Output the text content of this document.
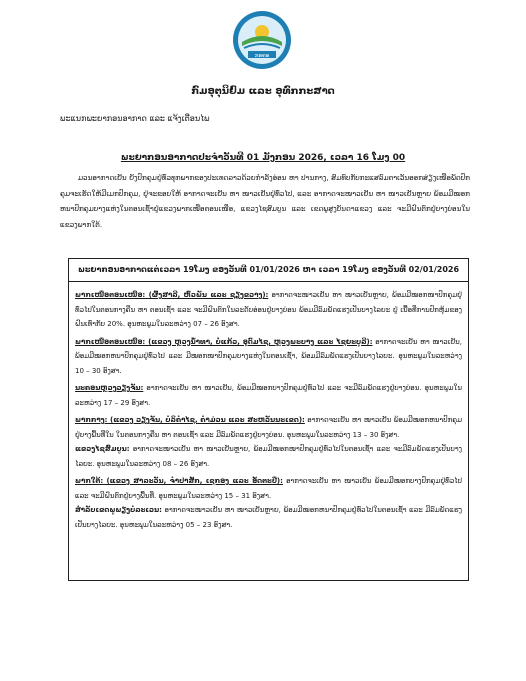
ກອຄອ
ກົມອຸຕຸນິຍົມ ແລະ ອຸທົກກະສາດ
ພະແນກພະຍາກອນອາກາດ ແລະ ແຈ້ງເຕືອນໄພ
ພະຍາກອນອາກາດປະຈຳວັນທີ 01 ມັງກອນ 2026, ເວລາ 16 ໂມງ 00
ມວນອາກາດເຢັນ ຍັງປົກຄຸມຢູ່ທົ່ວທຸກພາກຂອງປະເທດລາວດ້ວຍກຳລັງອ່ອນ ຫາ ປານກາງ, ສົມທົບກັບກະແສລົມຕາເວັນອອກສ່ຽງເໜືອພັດປົກຄຸມຈະເຮັດໃຫ້ມີເມກປົກຄຸມ, ຢູ່ຈະຂອບໃຫ້ ອາກາດຈະເຢັນ ຫາ ໜາວເຢັນຢູ່ທົ່ວໄປ, ແລະ ອາກາດຈະໜາວເຢັນ ຫາ ໜາວເຢັນຫຼາຍ ພ້ອມມີໝອກຫນາປົກຄຸມບາງແຫ່ງໃນຕອນເຊົ້າຢູ່ແຂວງພາກເໜືອຕອນເໜືອ, ແຂວງໄຊສົມບູນ ແລະ ເຂດພູສູງບັນດາແຂວງ ແລະ ຈະມີຝົນຕົກຢູ່ບາງບ່ອນໃນແຂວງພາກໃຕ້.
ພະຍາກອນອາກາດແຕ່ເວລາ 19ໂມງ ຂອງວັນທີ 01/01/2026 ຫາ ເວລາ 19ໂມງ ຂອງວັນທີ 02/01/2026
ພາກເໜືອຕອນເໜືອ: (ຜົ້ງສາລີ, ຫົວພັນ ແລະ ຊຽງຂວາງ): ອາກາດຈະໜາວເຢັນ ຫາ ໜາວເຢັນຫຼາຍ, ພ້ອມມີໝອກໜາປົກຄຸມຢູ່ທົ່ວໄປໃນຕອນກາງຄືນ ຫາ ຕອນເຊົ້າ ແລະ ຈະມີຝົນຕົກໃນລະດັບອ່ອນຢູ່ບາງບ່ອນ ພ້ອມມີລົມພັດແຮງເປັນບາງໄລຍະ ຢູ່ ເນື້ອທີ່ການປົກຫຸ້ມຂອງຝົນເທົ່າກັບ 20%. ອຸນຫະພູມໃນລະຫວ່າງ 07 – 26 ອົງສາ.
ພາກເໜືອຕອນເໜືອ: (ແຂວງ ຫຼວງນ້ຳທາ, ບໍ່ແກ້ວ, ອຸດົມໄຊ, ຫຼວງພະບາງ ແລະ ໄຊຍະບູລີ): ອາກາດຈະເຢັນ ຫາ ໜາວເຢັນ, ພ້ອມມີໝອກຫນາປົກຄຸມຢູ່ທົ່ວໄປ ແລະ ມີໝອກໜາປົກຄຸມບາງແຫ່ງໃນຕອນເຊົ້າ, ພ້ອມມີລົມພັດແຮງເປັນບາງໄລຍະ. ອຸນຫະພູມໃນລະຫວ່າງ 10 – 30 ອົງສາ.
ນະຄອນຫຼວງວຽງຈັນ: ອາກາດຈະເຢັນ ຫາ ໜາວເຢັນ, ພ້ອມມີໝອກບາງປົກຄຸມຢູ່ທົ່ວໄປ ແລະ ຈະມີລົມພັດແຮງຢູ່ບາງບ່ອນ. ອຸນຫະພູມໃນລະຫວ່າງ 17 – 29 ອົງສາ.
ພາກກາງ: (ແຂວງ ວຽງຈັນ, ບໍລິຄຳໄຊ, ຄຳມ່ວນ ແລະ ສະຫວັນນະເຂດ): ອາກາດຈະເຢັນ ຫາ ໜາວເຢັນ ພ້ອມມີໝອກຫນາປົກຄຸມຢູ່ບາງພື້ນທີ່ໃນ ໃນຕອນກາງຄືນ ຫາ ຕອນເຊົ້າ ແລະ ມີລົມພັດແຮງຢູ່ບາງບ່ອນ. ອຸນຫະພູມໃນລະຫວ່າງ 13 – 30 ອົງສາ.
ແຂວງໄຊສົມບູນ: ອາກາດຈະໜາວເຢັນ ຫາ ໜາວເຢັນຫຼາຍ, ພ້ອມມີໝອກໜາປົກຄຸມຢູ່ທົ່ວໄປໃນຕອນເຊົ້າ ແລະ ຈະມີລົມພັດແຮງເປັນບາງໄລຍະ. ອຸນຫະພູມໃນລະຫວ່າງ 08 – 26 ອົງສາ.
ພາກໃຕ້: (ແຂວງ ສາລະວັນ, ຈຳປາສັກ, ເຊກອງ ແລະ ອັດຕະປື): ອາກາດຈະເຢັນ ຫາ ໜາວເຢັນ ພ້ອມມີໝອກບາງປົກຄຸມຢູ່ທົ່ວໄປແລະ ຈະມີຝົນຕົກຢູ່ບາງພື້ນທີ່. ອຸນຫະພູມໃນລະຫວ່າງ 15 – 31 ອົງສາ.
ສຳລັບເຂດພູພຽງບໍລະເວນ: ອາກາດຈະໜາວເຢັນ ຫາ ໜາວເຢັນຫຼາຍ, ພ້ອມມີໝອກຫນາປົກຄຸມຢູ່ທົ່ວໄປໃນຕອນເຊົ້າ ແລະ ມີລົມພັດແຮງເປັນບາງໄລຍະ. ອຸນຫະພູມໃນລະຫວ່າງ 05 – 23 ອົງສາ.
